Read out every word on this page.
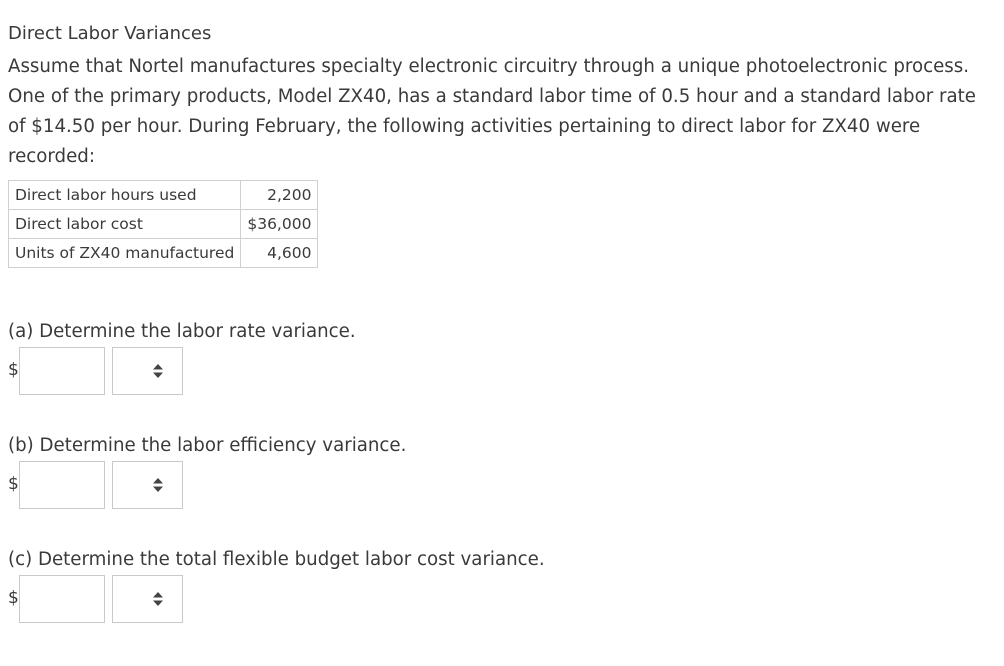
Direct Labor Variances
Assume that Nortel manufactures specialty electronic circuitry through a unique photoelectronic process. One of the primary products, Model ZX40, has a standard labor time of 0.5 hour and a standard labor rate of $14.50 per hour. During February, the following activities pertaining to direct labor for ZX40 were recorded:
Direct labor hours used	2,200
Direct labor cost	$36,000
Units of ZX40 manufactured	4,600
(a) Determine the labor rate variance.
$
(b) Determine the labor efficiency variance.
$
(c) Determine the total flexible budget labor cost variance.
$
